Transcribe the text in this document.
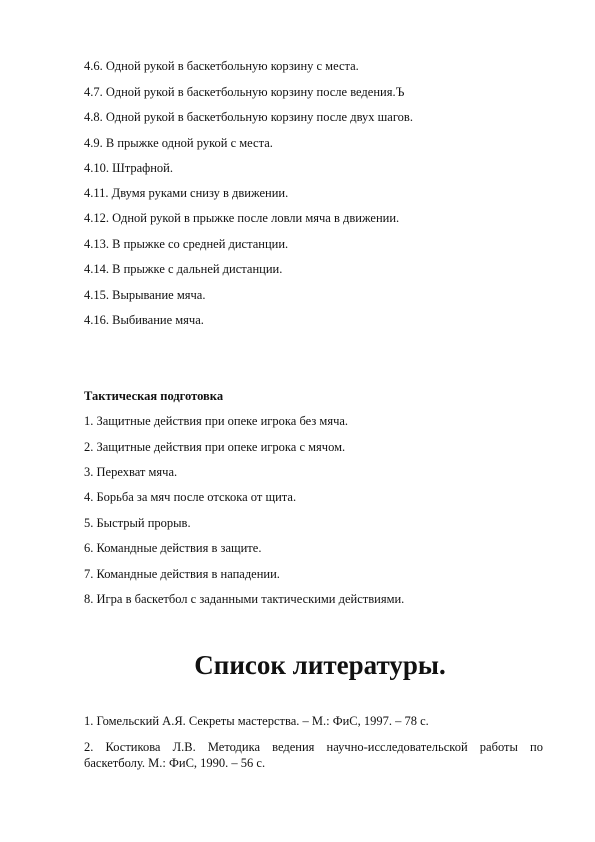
4.6. Одной рукой в баскетбольную корзину с места.
4.7. Одной рукой в баскетбольную корзину после ведения.Ъ
4.8. Одной рукой в баскетбольную корзину после двух шагов.
4.9. В прыжке одной рукой с места.
4.10. Штрафной.
4.11. Двумя руками снизу в движении.
4.12. Одной рукой в прыжке после ловли мяча в движении.
4.13. В прыжке со средней дистанции.
4.14. В прыжке с дальней дистанции.
4.15. Вырывание мяча.
4.16. Выбивание мяча.
Тактическая подготовка
1. Защитные действия при опеке игрока без мяча.
2. Защитные действия при опеке игрока с мячом.
3. Перехват мяча.
4. Борьба за мяч после отскока от щита.
5. Быстрый прорыв.
6. Командные действия в защите.
7. Командные действия в нападении.
8. Игра в баскетбол с заданными тактическими действиями.
Список литературы.
1. Гомельский А.Я. Секреты мастерства. – М.: ФиС, 1997. – 78 с.
2. Костикова Л.В. Методика ведения научно-исследовательской работы по баскетболу. М.: ФиС, 1990. – 56 с.
